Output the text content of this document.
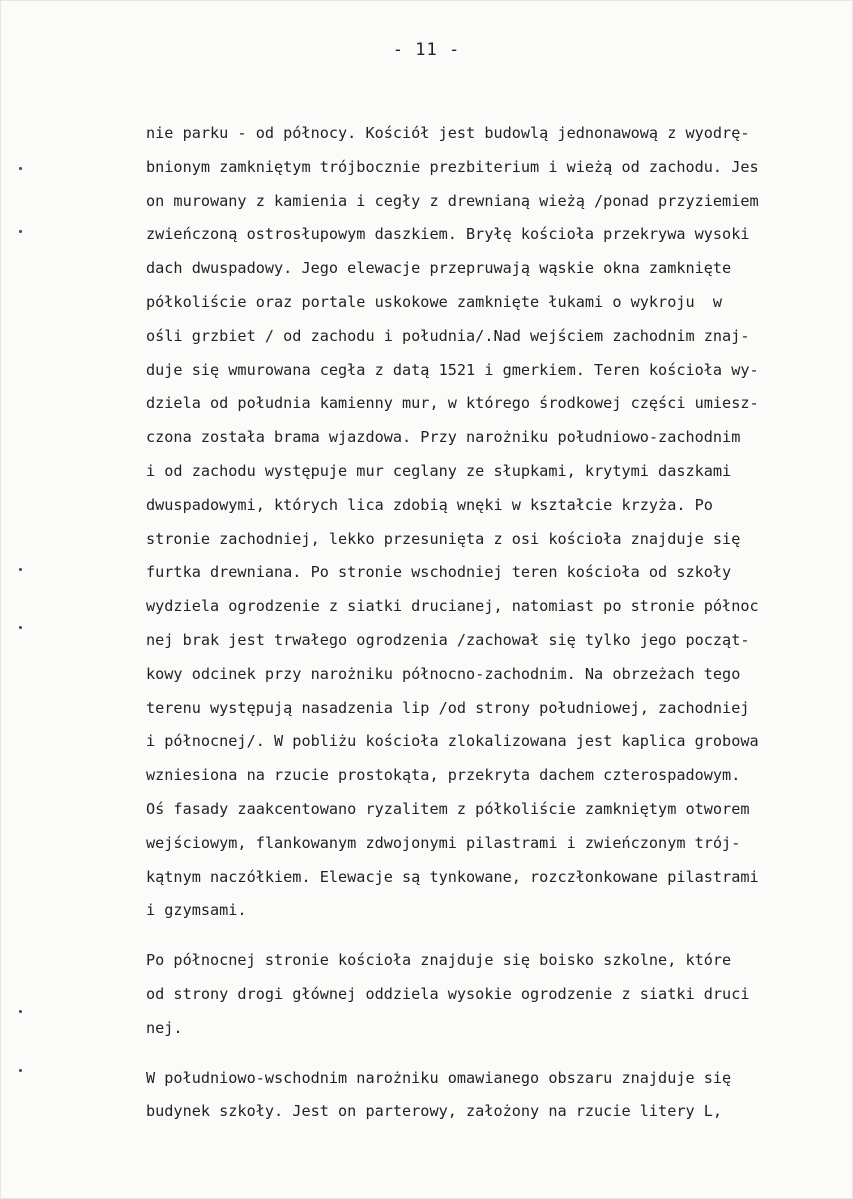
- 11 -
nie parku - od północy. Kościół jest budowlą jednonawową z wyodrę-
bnionym zamkniętym trójbocznie prezbiterium i wieżą od zachodu. Jes
on murowany z kamienia i cegły z drewnianą wieżą /ponad przyziemiem
zwieńczoną ostrosłupowym daszkiem. Bryłę kościoła przekrywa wysoki
dach dwuspadowy. Jego elewacje przepruwają wąskie okna zamknięte
półkoliście oraz portale uskokowe zamknięte łukami o wykroju  w
ośli grzbiet / od zachodu i południa/.Nad wejściem zachodnim znaj-
duje się wmurowana cegła z datą 1521 i gmerkiem. Teren kościoła wy-
dziela od południa kamienny mur, w którego środkowej części umiesz-
czona została brama wjazdowa. Przy narożniku południowo-zachodnim
i od zachodu występuje mur ceglany ze słupkami, krytymi daszkami
dwuspadowymi, których lica zdobią wnęki w kształcie krzyża. Po
stronie zachodniej, lekko przesunięta z osi kościoła znajduje się
furtka drewniana. Po stronie wschodniej teren kościoła od szkoły
wydziela ogrodzenie z siatki drucianej, natomiast po stronie północ
nej brak jest trwałego ogrodzenia /zachował się tylko jego począt-
kowy odcinek przy narożniku północno-zachodnim. Na obrzeżach tego
terenu występują nasadzenia lip /od strony południowej, zachodniej
i północnej/. W pobliżu kościoła zlokalizowana jest kaplica grobowa
wzniesiona na rzucie prostokąta, przekryta dachem czterospadowym.
Oś fasady zaakcentowano ryzalitem z półkoliście zamkniętym otworem
wejściowym, flankowanym zdwojonymi pilastrami i zwieńczonym trój-
kątnym naczółkiem. Elewacje są tynkowane, rozczłonkowane pilastrami
i gzymsami.
Po północnej stronie kościoła znajduje się boisko szkolne, które
od strony drogi głównej oddziela wysokie ogrodzenie z siatki druci
nej.
W południowo-wschodnim narożniku omawianego obszaru znajduje się
budynek szkoły. Jest on parterowy, założony na rzucie litery L,
